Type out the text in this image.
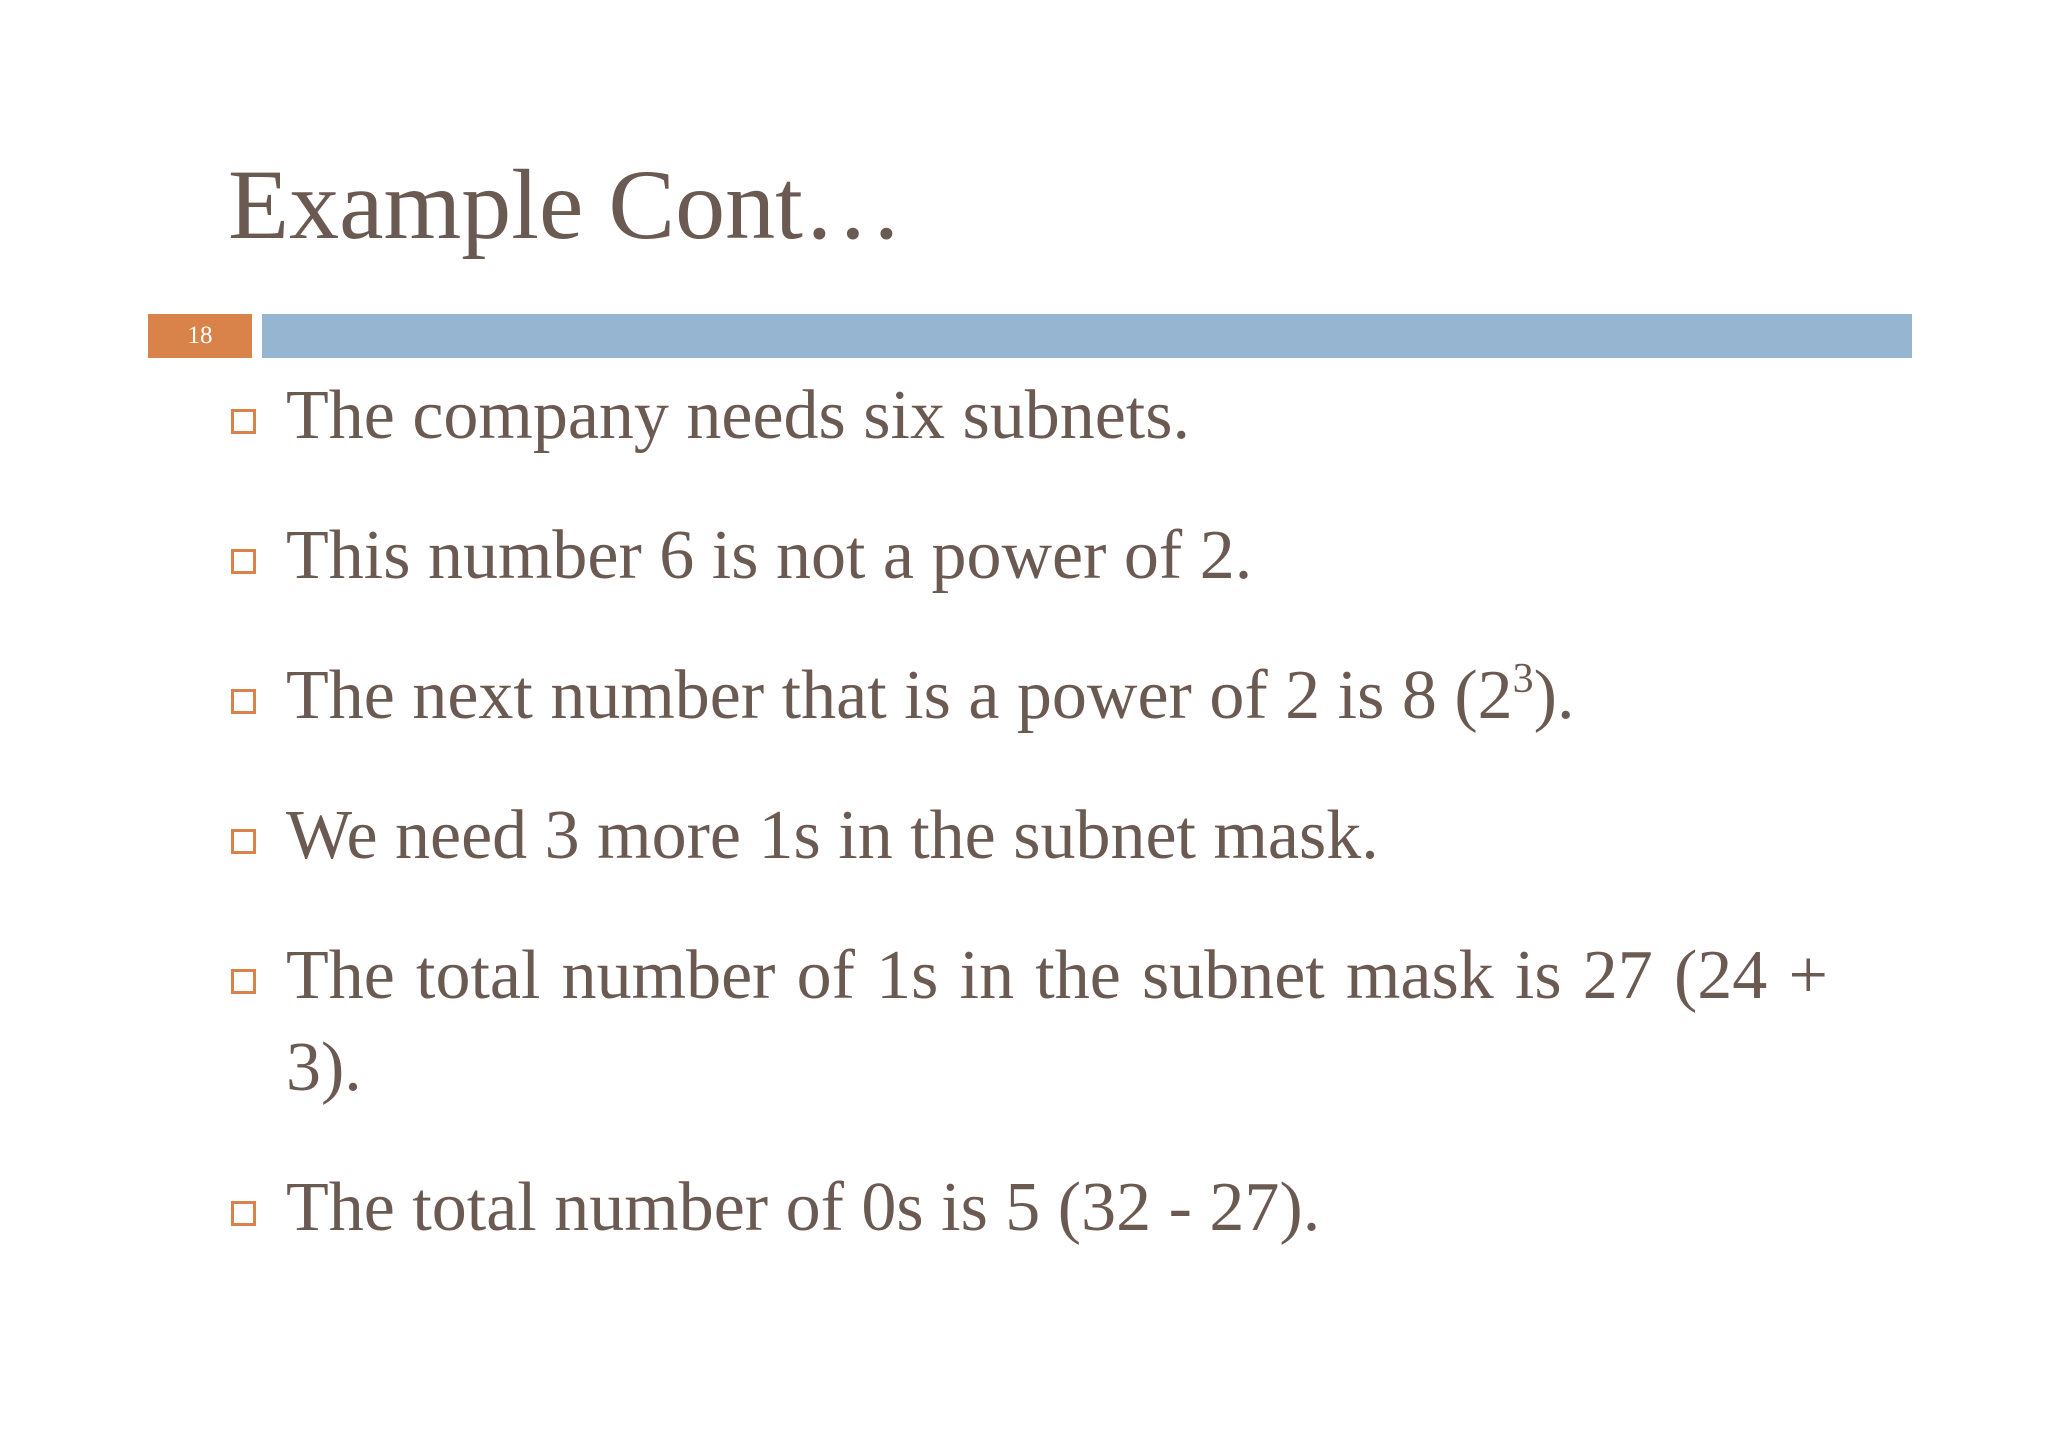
Example Cont…
18
The company needs six subnets.
This number 6 is not a power of 2.
The next number that is a power of 2 is 8 $(2^3)$.
We need 3 more 1s in the subnet mask.
The total number of 1s in the subnet mask is 27 (24 + 3).
The total number of 0s is 5 (32 - 27).
